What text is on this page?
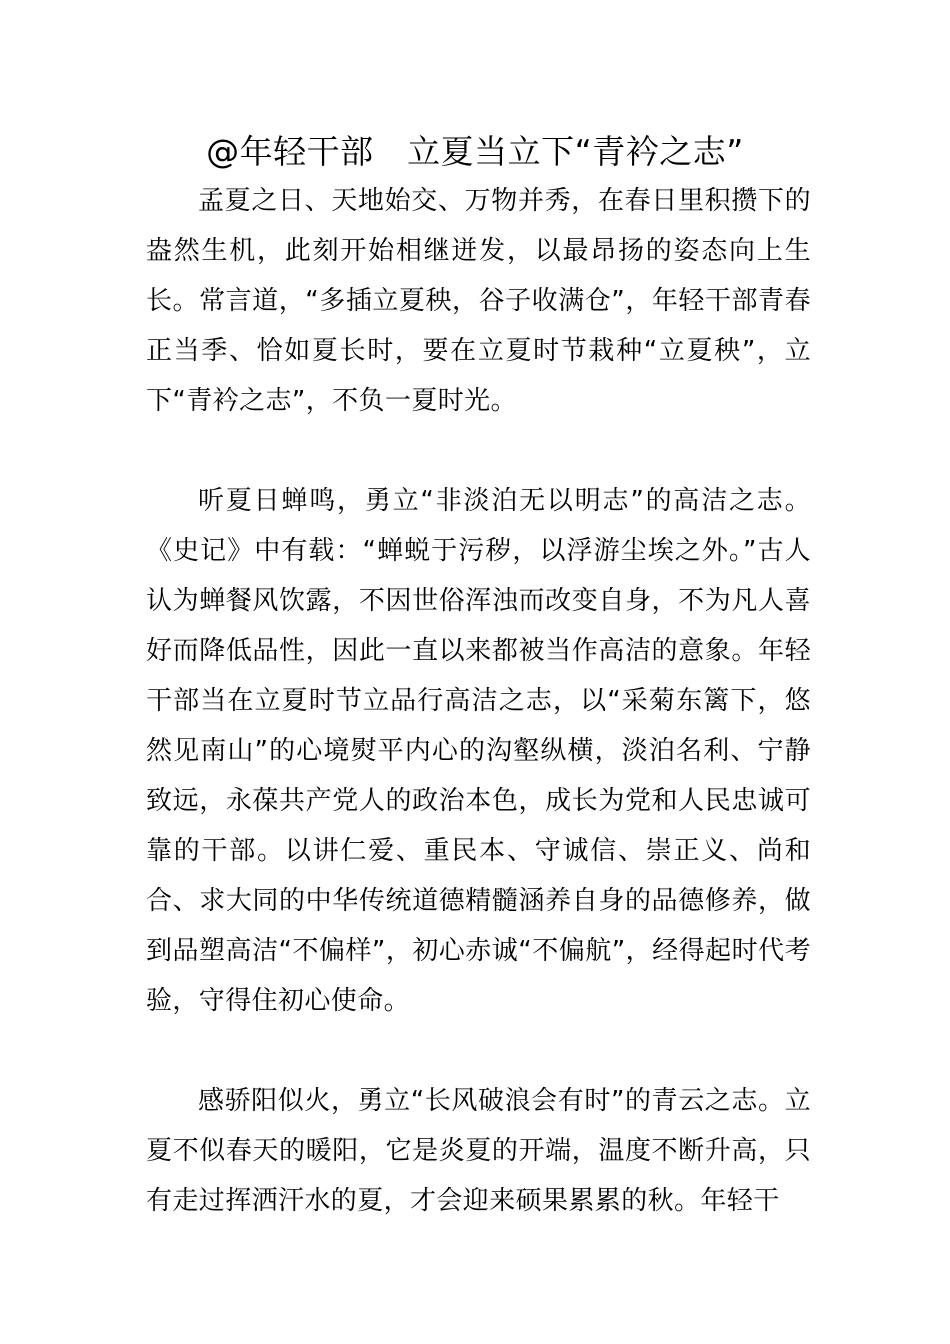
@年轻干部　立夏当立下“青衿之志”

孟夏之日、天地始交、万物并秀，在春日里积攒下的盎然生机，此刻开始相继迸发，以最昂扬的姿态向上生长。常言道，“多插立夏秧，谷子收满仓”，年轻干部青春正当季、恰如夏长时，要在立夏时节栽种“立夏秧”，立下“青衿之志”，不负一夏时光。

听夏日蝉鸣，勇立“非淡泊无以明志”的高洁之志。《史记》中有载：“蝉蜕于污秽，以浮游尘埃之外。”古人认为蝉餐风饮露，不因世俗浑浊而改变自身，不为凡人喜好而降低品性，因此一直以来都被当作高洁的意象。年轻干部当在立夏时节立品行高洁之志，以“采菊东篱下，悠然见南山”的心境熨平内心的沟壑纵横，淡泊名利、宁静致远，永葆共产党人的政治本色，成长为党和人民忠诚可靠的干部。以讲仁爱、重民本、守诚信、崇正义、尚和合、求大同的中华传统道德精髓涵养自身的品德修养，做到品塑高洁“不偏样”，初心赤诚“不偏航”，经得起时代考验，守得住初心使命。

感骄阳似火，勇立“长风破浪会有时”的青云之志。立夏不似春天的暖阳，它是炎夏的开端，温度不断升高，只有走过挥洒汗水的夏，才会迎来硕果累累的秋。年轻干
